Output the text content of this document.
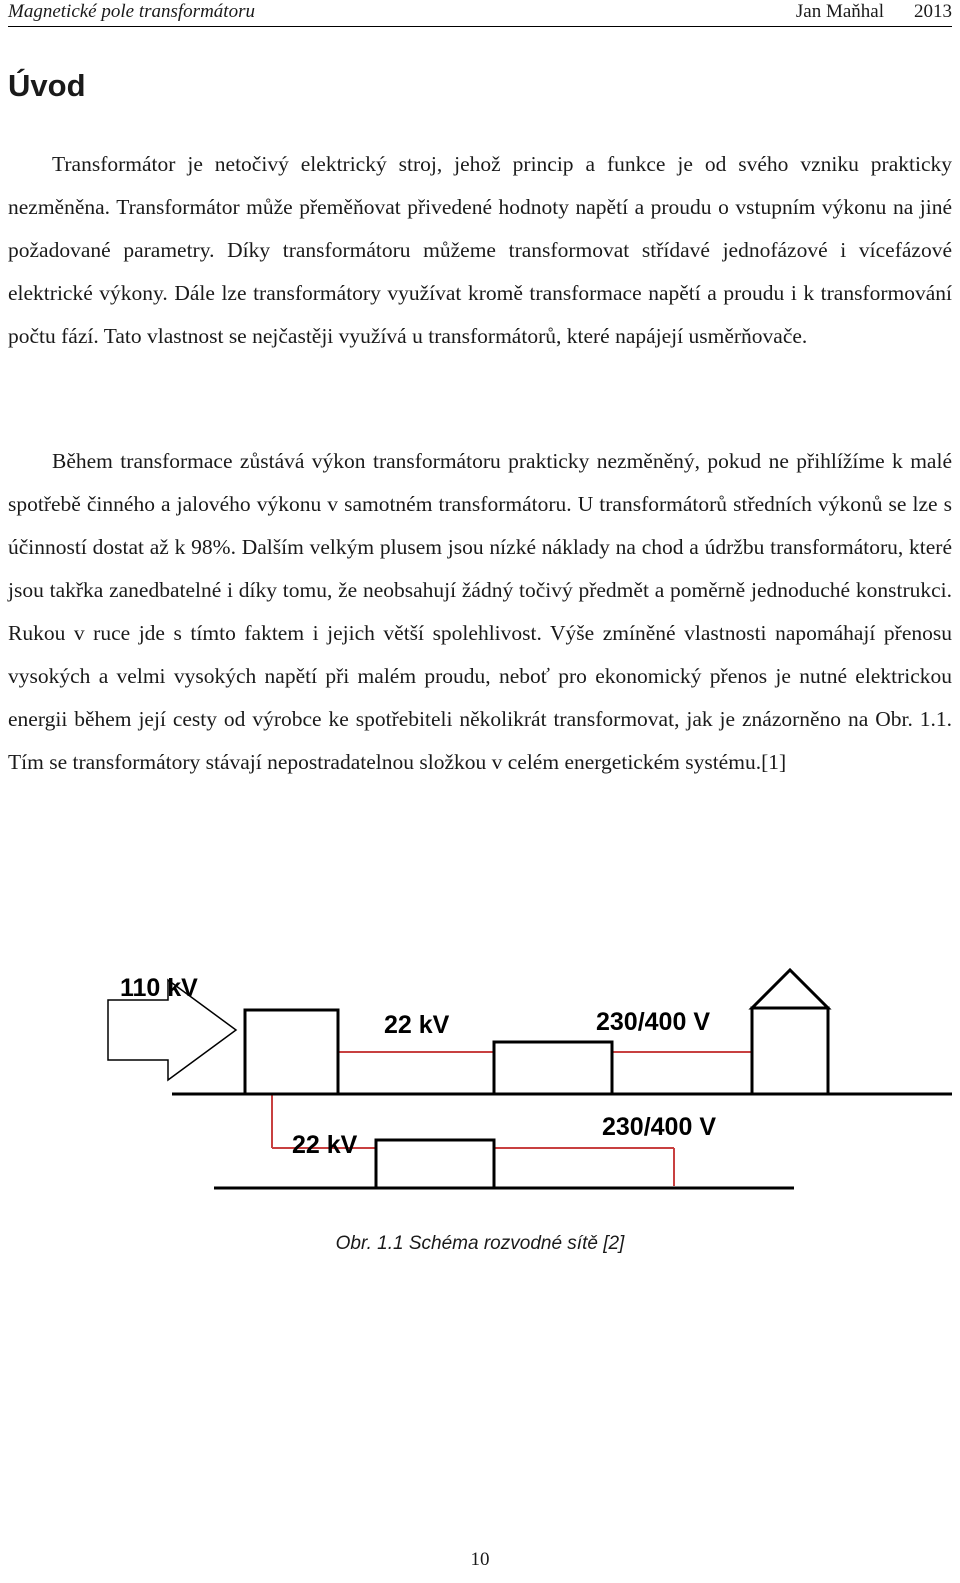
Magnetické pole transformátoru	Jan Maňhal 2013
Úvod

Transformátor je netočivý elektrický stroj, jehož princip a funkce je od svého vzniku prakticky nezměněna. Transformátor může přeměňovat přivedené hodnoty napětí a proudu o vstupním výkonu na jiné požadované parametry. Díky transformátoru můžeme transformovat střídavé jednofázové i vícefázové elektrické výkony. Dále lze transformátory využívat kromě transformace napětí a proudu i k transformování počtu fází. Tato vlastnost se nejčastěji využívá u transformátorů, které napájejí usměrňovače.

Během transformace zůstává výkon transformátoru prakticky nezměněný, pokud ne přihlížíme k malé spotřebě činného a jalového výkonu v samotném transformátoru. U transformátorů středních výkonů se lze s účinností dostat až k 98%. Dalším velkým plusem jsou nízké náklady na chod a údržbu transformátoru, které jsou takřka zanedbatelné i díky tomu, že neobsahují žádný točivý předmět a poměrně jednoduché konstrukci. Rukou v ruce jde s tímto faktem i jejich větší spolehlivost. Výše zmíněné vlastnosti napomáhají přenosu vysokých a velmi vysokých napětí při malém proudu, neboť pro ekonomický přenos je nutné elektrickou energii během její cesty od výrobce ke spotřebiteli několikrát transformovat, jak je znázorněno na Obr. 1.1. Tím se transformátory stávají nepostradatelnou složkou v celém energetickém systému.[1]

110 kV
22 kV	230/400 V
22 kV
230/400 V
Obr. 1.1 Schéma rozvodné sítě [2]
10
